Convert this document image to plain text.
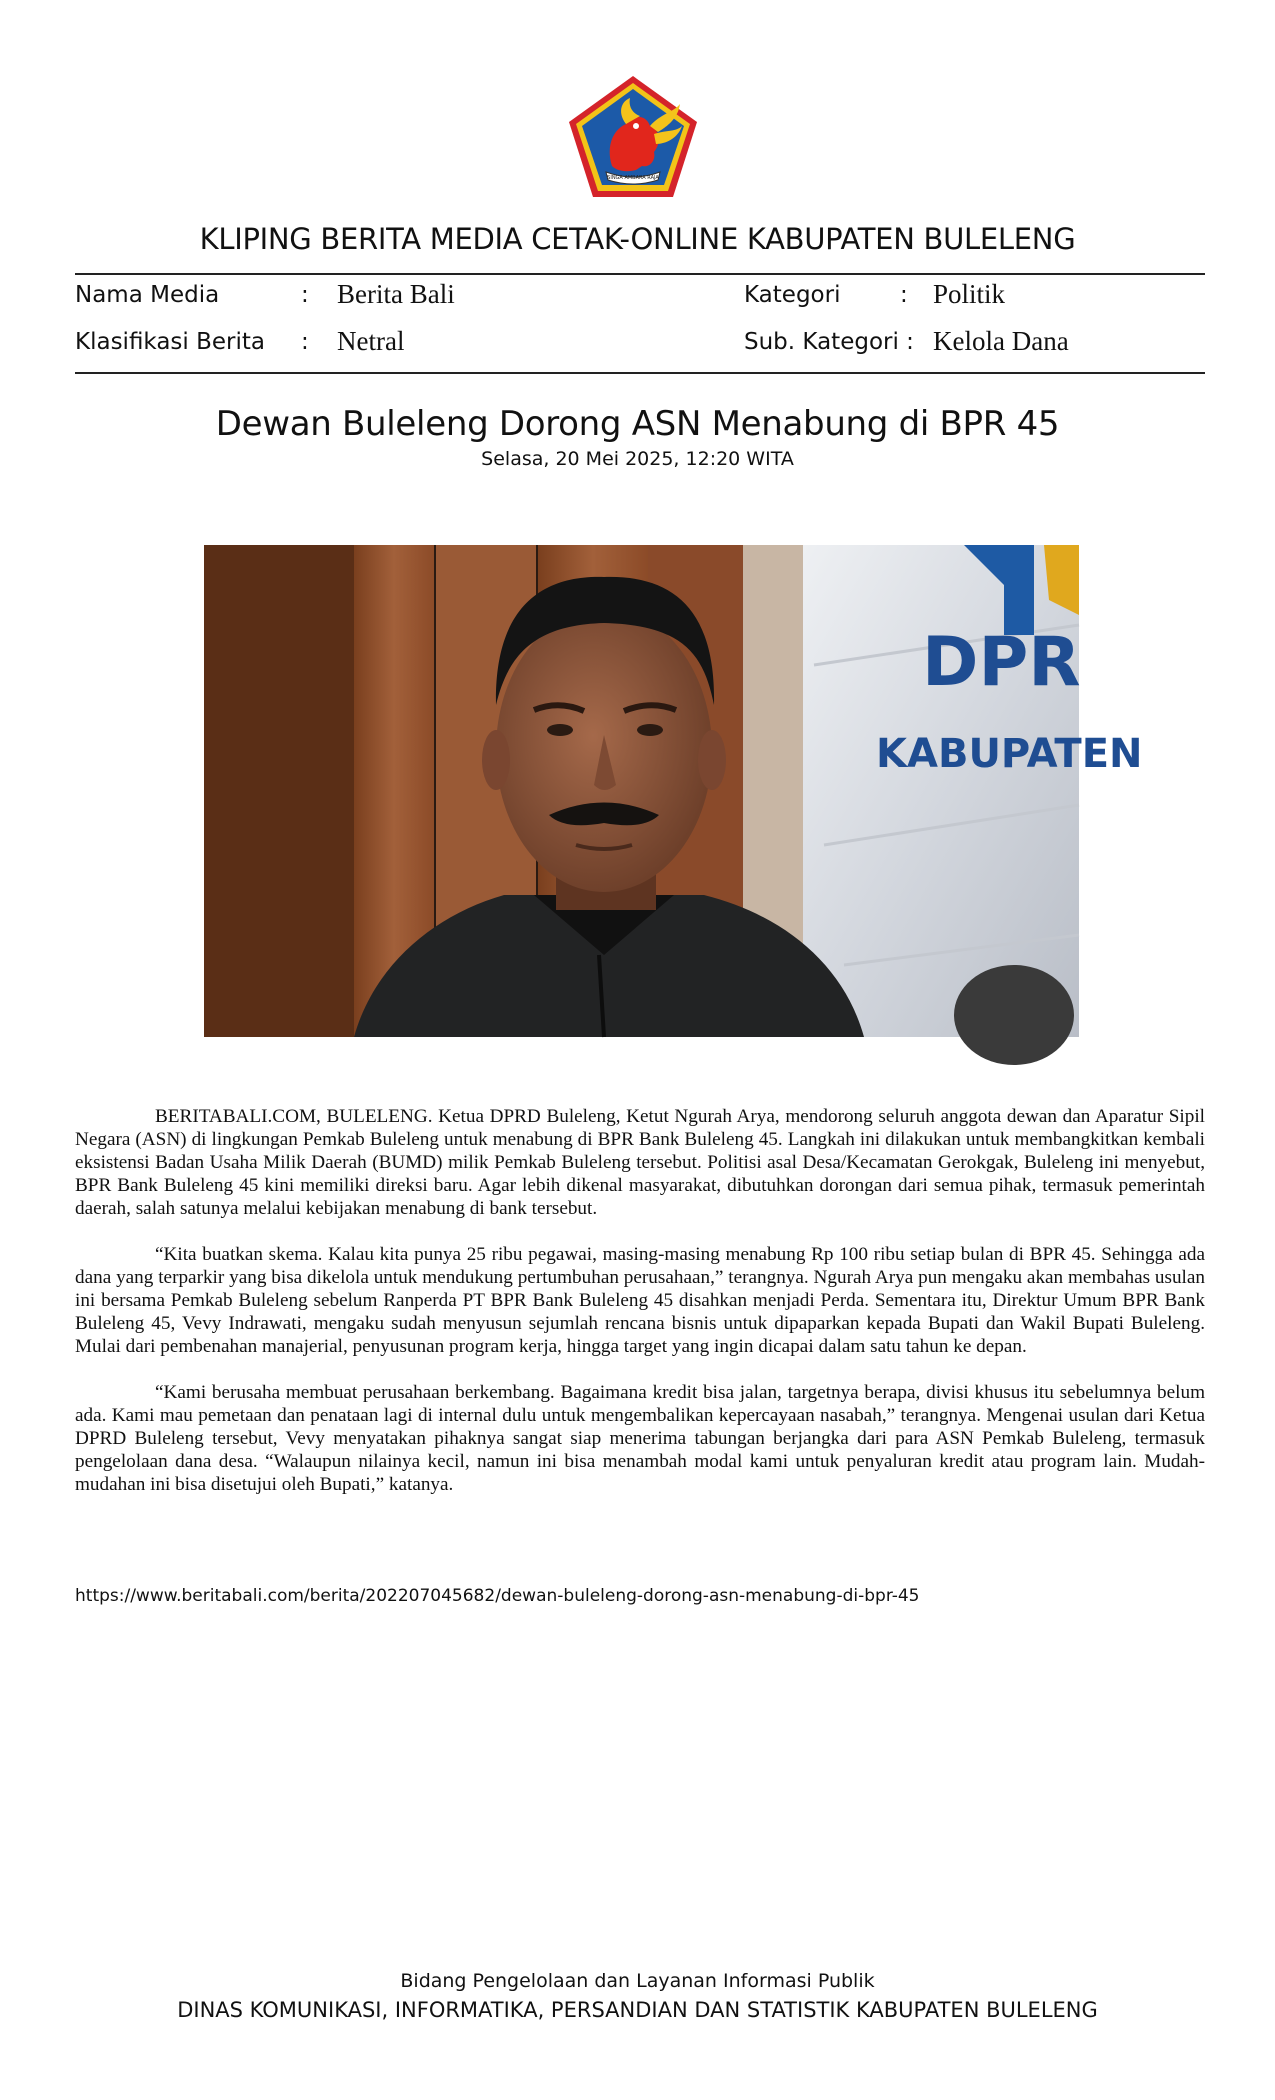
SINGA AMBARA RAJA
KLIPING BERITA MEDIA CETAK-ONLINE KABUPATEN BULELENG
Nama Media	: Berita Bali	Kategori	: Politik
Klasifikasi Berita : Netral	Sub. Kategori : Kelola Dana
Dewan Buleleng Dorong ASN Menabung di BPR 45
Selasa, 20 Mei 2025, 12:20 WITA
DPR
KABUPATEN

BERITABALI.COM, BULELENG. Ketua DPRD Buleleng, Ketut Ngurah Arya, mendorong seluruh anggota dewan dan Aparatur Sipil Negara (ASN) di lingkungan Pemkab Buleleng untuk menabung di BPR Bank Buleleng 45. Langkah ini dilakukan untuk membangkitkan kembali eksistensi Badan Usaha Milik Daerah (BUMD) milik Pemkab Buleleng tersebut. Politisi asal Desa/Kecamatan Gerokgak, Buleleng ini menyebut, BPR Bank Buleleng 45 kini memiliki direksi baru. Agar lebih dikenal masyarakat, dibutuhkan dorongan dari semua pihak, termasuk pemerintah daerah, salah satunya melalui kebijakan menabung di bank tersebut.

“Kita buatkan skema. Kalau kita punya 25 ribu pegawai, masing-masing menabung Rp 100 ribu setiap bulan di BPR 45. Sehingga ada dana yang terparkir yang bisa dikelola untuk mendukung pertumbuhan perusahaan,” terangnya. Ngurah Arya pun mengaku akan membahas usulan ini bersama Pemkab Buleleng sebelum Ranperda PT BPR Bank Buleleng 45 disahkan menjadi Perda. Sementara itu, Direktur Umum BPR Bank Buleleng 45, Vevy Indrawati, mengaku sudah menyusun sejumlah rencana bisnis untuk dipaparkan kepada Bupati dan Wakil Bupati Buleleng. Mulai dari pembenahan manajerial, penyusunan program kerja, hingga target yang ingin dicapai dalam satu tahun ke depan.

“Kami berusaha membuat perusahaan berkembang. Bagaimana kredit bisa jalan, targetnya berapa, divisi khusus itu sebelumnya belum ada. Kami mau pemetaan dan penataan lagi di internal dulu untuk mengembalikan kepercayaan nasabah,” terangnya. Mengenai usulan dari Ketua DPRD Buleleng tersebut, Vevy menyatakan pihaknya sangat siap menerima tabungan berjangka dari para ASN Pemkab Buleleng, termasuk pengelolaan dana desa. “Walaupun nilainya kecil, namun ini bisa menambah modal kami untuk penyaluran kredit atau program lain. Mudah-mudahan ini bisa disetujui oleh Bupati,” katanya.

https://www.beritabali.com/berita/202207045682/dewan-buleleng-dorong-asn-menabung-di-bpr-45
Bidang Pengelolaan dan Layanan Informasi Publik
DINAS KOMUNIKASI, INFORMATIKA, PERSANDIAN DAN STATISTIK KABUPATEN BULELENG
